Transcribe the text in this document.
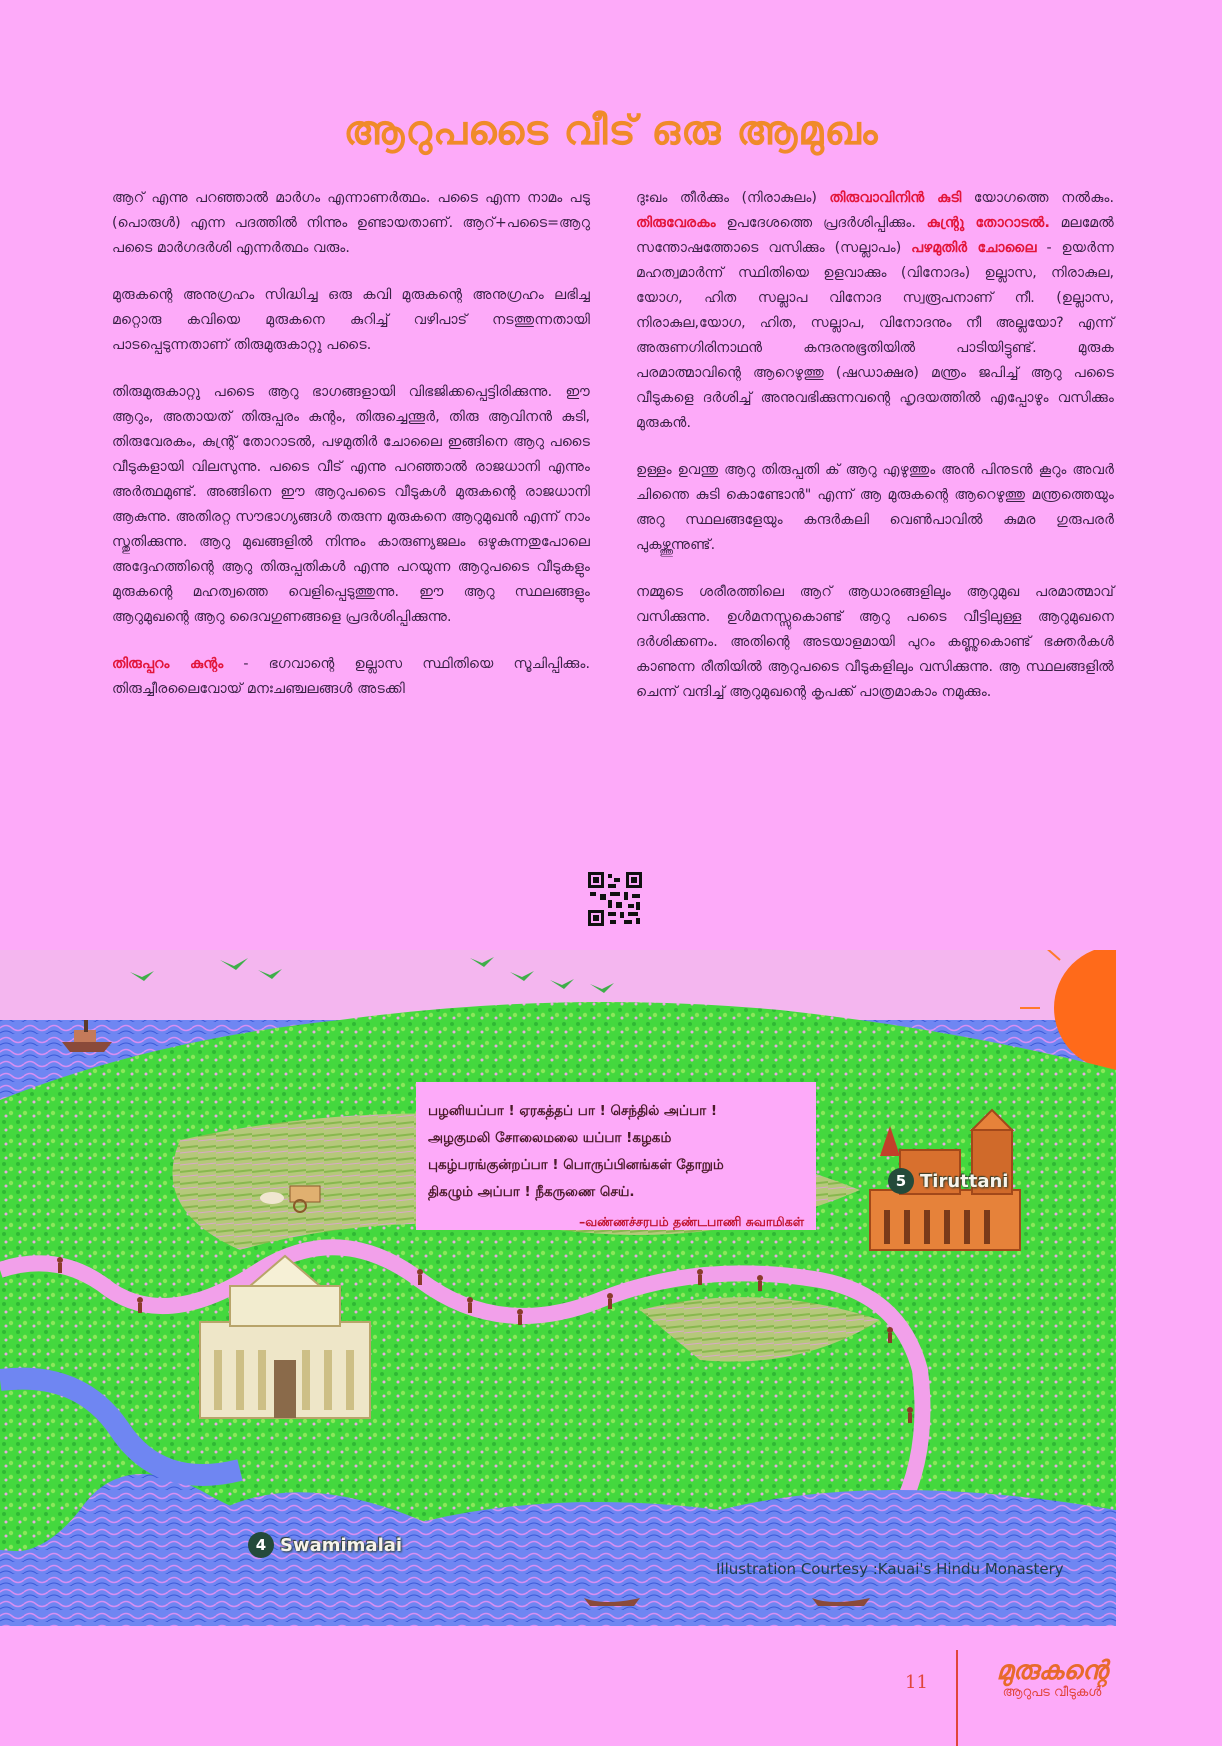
ആറുപടൈ വീട് ഒരു ആമുഖം

ആറ് എന്നു പറഞ്ഞാൽ മാർഗം എന്നാണർത്ഥം. പടൈ എന്ന നാമം പടു (പൊരുൾ) എന്ന പദത്തിൽ നിന്നും ഉണ്ടായതാണ്. ആറ്+പടൈ=ആറു പടൈ മാർഗദർശി എന്നർത്ഥം വരും.

മുരുകന്റെ അനുഗ്രഹം സിദ്ധിച്ച ഒരു കവി മുരുകന്റെ അനുഗ്രഹം ലഭിച്ച മറ്റൊരു കവിയെ മുരുകനെ കുറിച്ച് വഴിപാട് നടത്തുന്നതായി പാടപ്പെടുന്നതാണ് തിരുമുരുകാറ്റു പടൈ.

തിരുമുരുകാറ്റു പടൈ ആറു ഭാഗങ്ങളായി വിഭജിക്കപ്പെട്ടിരിക്കുന്നു. ഈ ആറും, അതായത് തിരുപ്പരം കുന്റം, തിരുച്ചെന്തൂർ, തിരു ആവിനൻ കുടി, തിരുവേരകം, കുന്റ്ര് തോറാടൽ, പഴമുതിർ ചോലൈ ഇങ്ങിനെ ആറു പടൈ വീടുകളായി വിലസുന്നു. പടൈ വീട് എന്നു പറഞ്ഞാൽ രാജധാനി എന്നും അർത്ഥമുണ്ട്. അങ്ങിനെ ഈ ആറുപടൈ വീടുകൾ മുരുകന്റെ രാജധാനി ആകുന്നു. അതിരറ്റ സൗഭാഗ്യങ്ങൾ തരുന്ന മുരുകനെ ആറുമുഖൻ എന്ന് നാം സ്തുതിക്കുന്നു. ആറു മുഖങ്ങളിൽ നിന്നും കാരുണ്യജലം ഒഴുകുന്നതുപോലെ അദ്ദേഹത്തിന്റെ ആറു തിരുപ്പതികൾ എന്നു പറയുന്ന ആറുപടൈ വീടുകളും മുരുകന്റെ മഹത്വത്തെ വെളിപ്പെടുത്തുന്നു. ഈ ആറു സ്ഥലങ്ങളും ആറുമുഖന്റെ ആറു ദൈവഗുണങ്ങളെ പ്രദർശിപ്പിക്കുന്നു.

തിരുപ്പറം കുന്റം - ഭഗവാന്റെ ഉല്ലാസ സ്ഥിതിയെ സൂചിപ്പിക്കും. തിരുച്ചീരലൈവോയ് മനഃചഞ്ചലങ്ങൾ അടക്കി

ദുഃഖം തീർക്കും (നിരാകുലം) തിരുവാവിനിൻ കുടി യോഗത്തെ നൽകും. തിരുവേരകം ഉപദേശത്തെ പ്രദർശിപ്പിക്കും. കുന്റ്രു തോറാടൽ. മലമേൽ സന്തോഷത്തോടെ വസിക്കും (സല്ലാപം) പഴമുതിർ ചോലൈ - ഉയർന്ന മഹത്വമാർന്ന് സ്ഥിതിയെ ഉളവാക്കും (വിനോദം) ഉല്ലാസ, നിരാകുല, യോഗ, ഹിത സല്ലാപ വിനോദ സ്വരൂപനാണ് നീ. (ഉല്ലാസ, നിരാകുല,യോഗ, ഹിത, സല്ലാപ, വിനോദനും നീ അല്ലയോ? എന്ന് അരുണഗിരിനാഥൻ കന്ദരനുഭൂതിയിൽ പാടിയിട്ടുണ്ട്. മുരുക പരമാത്മാവിന്റെ ആറെഴുത്തു (ഷഡാക്ഷര) മന്ത്രം ജപിച്ച് ആറു പടൈ വീടുകളെ ദർശിച്ച് അനുവഭിക്കുന്നവന്റെ ഹൃദയത്തിൽ എപ്പോഴും വസിക്കും മുരുകൻ.

ഉള്ളം ഉവന്തു ആറു തിരുപ്പതി ക് ആറു എഴുത്തും അൻ പിനുടൻ കൂറും അവർ ചിന്തൈ കുടി കൊണ്ടോൻ" എന്ന് ആ മുരുകന്റെ ആറെഴുത്തു മന്ത്രത്തെയും അറു സ്ഥലങ്ങളേയും കന്ദർകലി വെൺപാവിൽ കുമര ഗുരുപരർ പുകഴ്ത്തുന്നുണ്ട്.

നമ്മുടെ ശരീരത്തിലെ ആറ് ആധാരങ്ങളിലും ആറുമുഖ പരമാത്മാവ് വസിക്കുന്നു. ഉൾമനസ്സുകൊണ്ട് ആറു പടൈ വീട്ടിലുള്ള ആറുമുഖനെ ദർശിക്കണം. അതിന്റെ അടയാളമായി പുറം കണ്ണുകൊണ്ട് ഭക്തർകൾ കാണുന്ന രീതിയിൽ ആറുപടൈ വീടുകളിലും വസിക്കുന്നു. ആ സ്ഥലങ്ങളിൽ ചെന്ന് വന്ദിച്ച് ആറുമുഖന്റെ കൃപക്ക് പാത്രമാകാം നമുക്കും.

பழனியப்பா ! ஏரகத்தப் பா ! செந்தில் அப்பா !
அழகுமலி சோலைமலை யப்பா !கழகம்
புகழ்பரங்குன்றப்பா ! பொருப்பினங்கள் தோறும்
திகழும் அப்பா ! நீகருணை செய்.
–வண்ணச்சரபம் தண்டபாணி சுவாமிகள்
5 Tiruttani
4 Swamimalai
Illustration Courtesy :Kauai's Hindu Monastery
11	മുരുകന്റെ
ആറുപട വീടുകൾ
